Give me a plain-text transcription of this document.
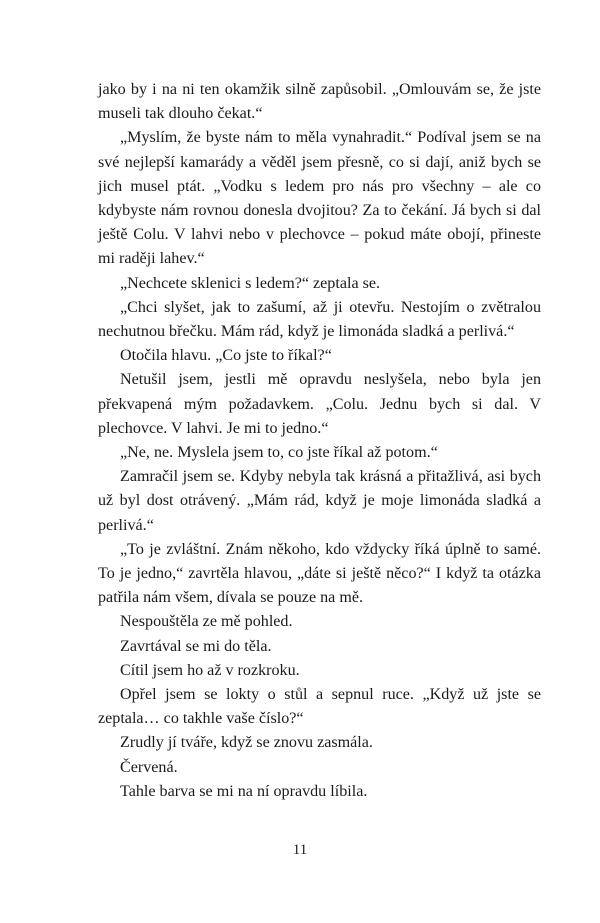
jako by i na ni ten okamžik silně zapůsobil. „Omlouvám se, že jste museli tak dlouho čekat.“

„Myslím, že byste nám to měla vynahradit.“ Podíval jsem se na své nejlepší kamarády a věděl jsem přesně, co si dají, aniž bych se jich musel ptát. „Vodku s ledem pro nás pro všechny – ale co kdybyste nám rovnou donesla dvojitou? Za to čekání. Já bych si dal ještě Colu. V lahvi nebo v plechovce – pokud máte obojí, přineste mi raději lahev.“

„Nechcete sklenici s ledem?“ zeptala se.

„Chci slyšet, jak to zašumí, až ji otevřu. Nestojím o zvětralou nechutnou břečku. Mám rád, když je limonáda sladká a perlivá.“

Otočila hlavu. „Co jste to říkal?“

Netušil jsem, jestli mě opravdu neslyšela, nebo byla jen překvapená mým požadavkem. „Colu. Jednu bych si dal. V plechovce. V lahvi. Je mi to jedno.“

„Ne, ne. Myslela jsem to, co jste říkal až potom.“

Zamračil jsem se. Kdyby nebyla tak krásná a přitažlivá, asi bych už byl dost otrávený. „Mám rád, když je moje limonáda sladká a perlivá.“

„To je zvláštní. Znám někoho, kdo vždycky říká úplně to samé. To je jedno,“ zavrtěla hlavou, „dáte si ještě něco?“ I když ta otázka patřila nám všem, dívala se pouze na mě.

Nespouštěla ze mě pohled.

Zavrtával se mi do těla.

Cítil jsem ho až v rozkroku.

Opřel jsem se lokty o stůl a sepnul ruce. „Když už jste se zeptala… co takhle vaše číslo?“

Zrudly jí tváře, když se znovu zasmála.

Červená.

Tahle barva se mi na ní opravdu líbila.

11
